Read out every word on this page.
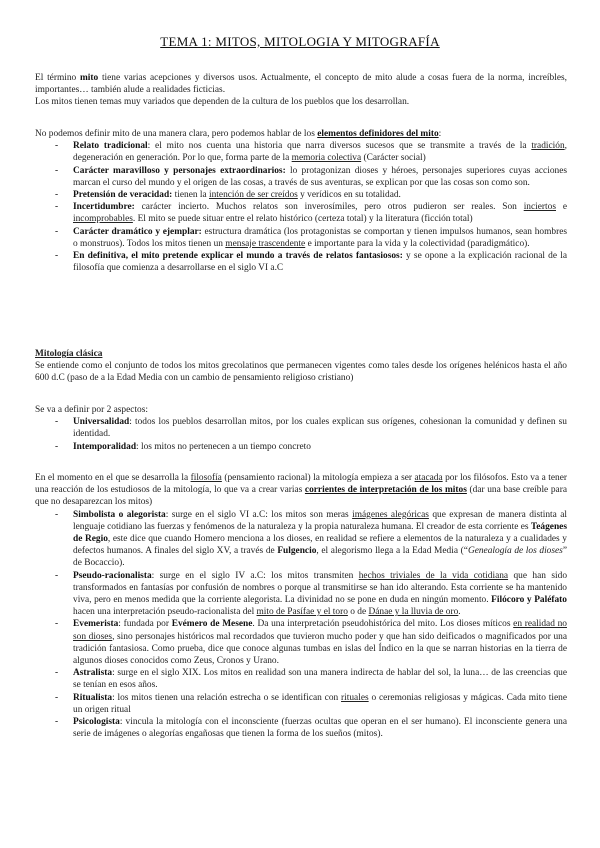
TEMA 1: MITOS, MITOLOGIA Y MITOGRAFÍA

El término mito tiene varias acepciones y diversos usos. Actualmente, el concepto de mito alude a cosas fuera de la norma, increíbles, importantes… también alude a realidades ficticias.

Los mitos tienen temas muy variados que dependen de la cultura de los pueblos que los desarrollan.

No podemos definir mito de una manera clara, pero podemos hablar de los elementos definidores del mito:

- Relato tradicional: el mito nos cuenta una historia que narra diversos sucesos que se transmite a través de la tradición, degeneración en generación. Por lo que, forma parte de la memoria colectiva (Carácter social)
- Carácter maravilloso y personajes extraordinarios: lo protagonizan dioses y héroes, personajes superiores cuyas acciones marcan el curso del mundo y el origen de las cosas, a través de sus aventuras, se explican por que las cosas son como son.
- Pretensión de veracidad: tienen la intención de ser creídos y verídicos en su totalidad.
- Incertidumbre: carácter incierto. Muchos relatos son inverosímiles, pero otros pudieron ser reales. Son inciertos e incomprobables. El mito se puede situar entre el relato histórico (certeza total) y la literatura (ficción total)
- Carácter dramático y ejemplar: estructura dramática (los protagonistas se comportan y tienen impulsos humanos, sean hombres o monstruos). Todos los mitos tienen un mensaje trascendente e importante para la vida y la colectividad (paradigmático).
- En definitiva, el mito pretende explicar el mundo a través de relatos fantasiosos: y se opone a la explicación racional de la filosofía que comienza a desarrollarse en el siglo VI a.C

Mitología clásica

Se entiende como el conjunto de todos los mitos grecolatinos que permanecen vigentes como tales desde los orígenes helénicos hasta el año 600 d.C (paso de a la Edad Media con un cambio de pensamiento religioso cristiano)

Se va a definir por 2 aspectos:

- Universalidad: todos los pueblos desarrollan mitos, por los cuales explican sus orígenes, cohesionan la comunidad y definen su identidad.
- Intemporalidad: los mitos no pertenecen a un tiempo concreto

En el momento en el que se desarrolla la filosofía (pensamiento racional) la mitología empieza a ser atacada por los filósofos. Esto va a tener una reacción de los estudiosos de la mitología, lo que va a crear varias corrientes de interpretación de los mitos (dar una base creíble para que no desaparezcan los mitos)

- Simbolista o alegorista: surge en el siglo VI a.C: los mitos son meras imágenes alegóricas que expresan de manera distinta al lenguaje cotidiano las fuerzas y fenómenos de la naturaleza y la propia naturaleza humana. El creador de esta corriente es Teágenes de Regio, este dice que cuando Homero menciona a los dioses, en realidad se refiere a elementos de la naturaleza y a cualidades y defectos humanos. A finales del siglo XV, a través de Fulgencio, el alegorismo llega a la Edad Media (“Genealogía de los dioses” de Bocaccio).
- Pseudo-racionalista: surge en el siglo IV a.C: los mitos transmiten hechos triviales de la vida cotidiana que han sido transformados en fantasías por confusión de nombres o porque al transmitirse se han ido alterando. Esta corriente se ha mantenido viva, pero en menos medida que la corriente alegorista. La divinidad no se pone en duda en ningún momento. Filócoro y Paléfato hacen una interpretación pseudo-racionalista del mito de Pasífae y el toro o de Dánae y la lluvia de oro.
- Evemerista: fundada por Evémero de Mesene. Da una interpretación pseudohistórica del mito. Los dioses míticos en realidad no son dioses, sino personajes históricos mal recordados que tuvieron mucho poder y que han sido deificados o magnificados por una tradición fantasiosa. Como prueba, dice que conoce algunas tumbas en islas del Índico en la que se narran historias en la tierra de algunos dioses conocidos como Zeus, Cronos y Urano.
- Astralista: surge en el siglo XIX. Los mitos en realidad son una manera indirecta de hablar del sol, la luna… de las creencias que se tenían en esos años.
- Ritualista: los mitos tienen una relación estrecha o se identifican con rituales o ceremonias religiosas y mágicas. Cada mito tiene un origen ritual
- Psicologista: vincula la mitología con el inconsciente (fuerzas ocultas que operan en el ser humano). El inconsciente genera una serie de imágenes o alegorías engañosas que tienen la forma de los sueños (mitos).
